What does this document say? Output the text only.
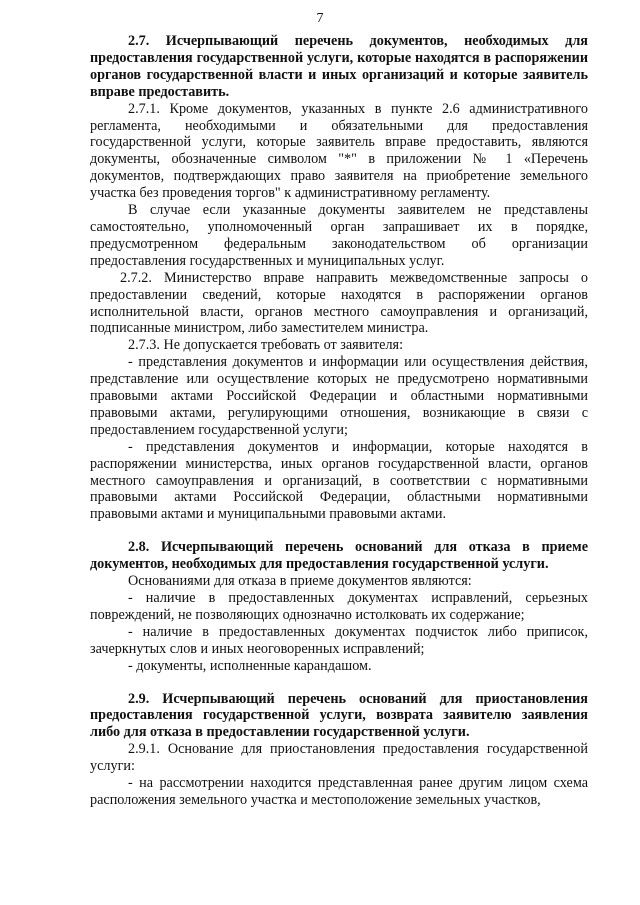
7

2.7. Исчерпывающий перечень документов, необходимых для предоставления государственной услуги, которые находятся в распоряжении органов государственной власти и иных организаций и которые заявитель вправе предоставить.

2.7.1. Кроме документов, указанных в пункте 2.6 административного регламента, необходимыми и обязательными для предоставления государственной услуги, которые заявитель вправе предоставить, являются документы, обозначенные символом "*" в приложении № 1 «Перечень документов, подтверждающих право заявителя на приобретение земельного участка без проведения торгов" к административному регламенту.

В случае если указанные документы заявителем не представлены самостоятельно, уполномоченный орган запрашивает их в порядке, предусмотренном федеральным законодательством об организации предоставления государственных и муниципальных услуг.

2.7.2. Министерство вправе направить межведомственные запросы о предоставлении сведений, которые находятся в распоряжении органов исполнительной власти, органов местного самоуправления и организаций, подписанные министром, либо заместителем министра.

2.7.3. Не допускается требовать от заявителя:

- представления документов и информации или осуществления действия, представление или осуществление которых не предусмотрено нормативными правовыми актами Российской Федерации и областными нормативными правовыми актами, регулирующими отношения, возникающие в связи с предоставлением государственной услуги;

- представления документов и информации, которые находятся в распоряжении министерства, иных органов государственной власти, органов местного самоуправления и организаций, в соответствии с нормативными правовыми актами Российской Федерации, областными нормативными правовыми актами и муниципальными правовыми актами.

2.8. Исчерпывающий перечень оснований для отказа в приеме документов, необходимых для предоставления государственной услуги.

Основаниями для отказа в приеме документов являются:

- наличие в предоставленных документах исправлений, серьезных повреждений, не позволяющих однозначно истолковать их содержание;

- наличие в предоставленных документах подчисток либо приписок, зачеркнутых слов и иных неоговоренных исправлений;

- документы, исполненные карандашом.

2.9. Исчерпывающий перечень оснований для приостановления предоставления государственной услуги, возврата заявителю заявления либо для отказа в предоставлении государственной услуги.

2.9.1. Основание для приостановления предоставления государственной услуги:

- на рассмотрении находится представленная ранее другим лицом схема расположения земельного участка и местоположение земельных участков,
